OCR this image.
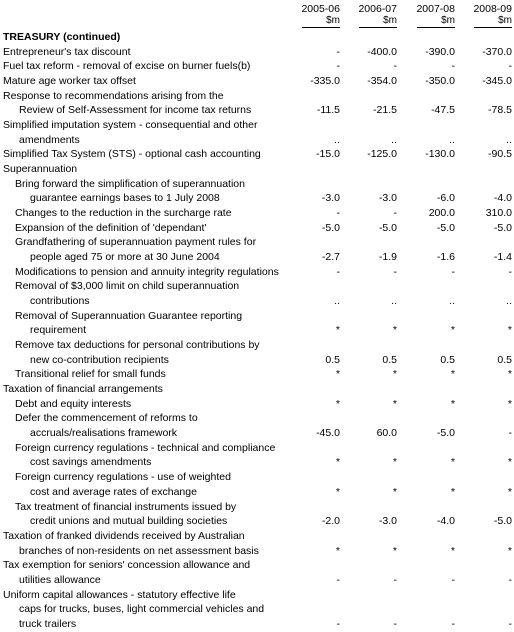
2005-06	2006-07	2007-08	2008-09
$m	$m	$m	$m
TREASURY (continued)
Entrepreneur's tax discount	-	-400.0	-390.0	-370.0
Fuel tax reform - removal of excise on burner fuels(b)	-	-	-	-
Mature age worker tax offset	-335.0	-354.0	-350.0	-345.0
Response to recommendations arising from the
Review of Self-Assessment for income tax returns	-11.5	-21.5	-47.5	-78.5
Simplified imputation system - consequential and other
amendments	..	..	..	..
Simplified Tax System (STS) - optional cash accounting	-15.0	-125.0	-130.0	-90.5
Superannuation
Bring forward the simplification of superannuation
guarantee earnings bases to 1 July 2008	-3.0	-3.0	-6.0	-4.0
Changes to the reduction in the surcharge rate	-	-	200.0	310.0
Expansion of the definition of 'dependant'	-5.0	-5.0	-5.0	-5.0
Grandfathering of superannuation payment rules for
people aged 75 or more at 30 June 2004	-2.7	-1.9	-1.6	-1.4
Modifications to pension and annuity integrity regulations	-	-	-	-
Removal of $3,000 limit on child superannuation
contributions	..	..	..	..
Removal of Superannuation Guarantee reporting
requirement	*	*	*	*
Remove tax deductions for personal contributions by
new co-contribution recipients	0.5	0.5	0.5	0.5
Transitional relief for small funds	*	*	*	*
Taxation of financial arrangements
Debt and equity interests	*	*	*	*
Defer the commencement of reforms to
accruals/realisations framework	-45.0	60.0	-5.0	-
Foreign currency regulations - technical and compliance
cost savings amendments	*	*	*	*
Foreign currency regulations - use of weighted
cost and average rates of exchange	*	*	*	*
Tax treatment of financial instruments issued by
credit unions and mutual building societies	-2.0	-3.0	-4.0	-5.0
Taxation of franked dividends received by Australian
branches of non-residents on net assessment basis	*	*	*	*
Tax exemption for seniors' concession allowance and
utilities allowance	-	-	-	-
Uniform capital allowances - statutory effective life
caps for trucks, buses, light commercial vehicles and
truck trailers	-	-	-	-
